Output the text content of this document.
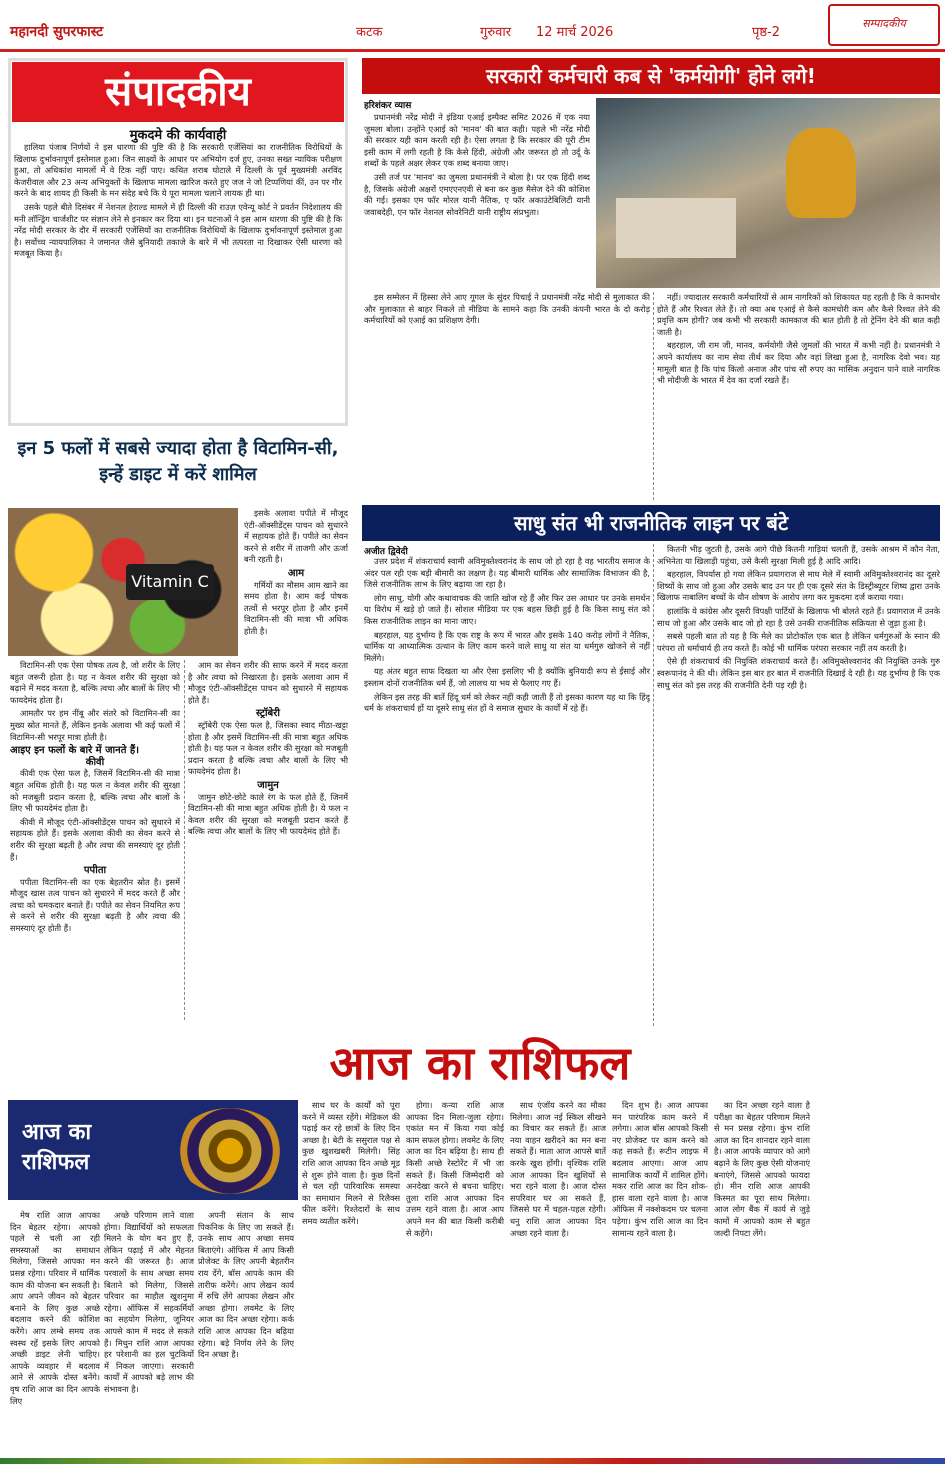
महानदी सुपरफास्ट	कटक	गुरुवार 12 मार्च 2026	पृष्ठ-2
सम्पादकीय
संपादकीय
मुकदमे की कार्यवाही

हालिया पंजाब निर्णयों ने इस धारणा की पुष्टि की है कि सरकारी एजेंसियां का राजनीतिक विरोधियों के खिलाफ दुर्भावनापूर्ण इस्तेमाल हुआ। जिन साक्ष्यों के आधार पर अभियोग दर्ज हुए, उनका सख्त न्यायिक परीक्षण हुआ, तो अधिकांश मामलों में वे टिक नहीं पाए। कथित शराब घोटाले में दिल्ली के पूर्व मुख्यमंत्री अरविंद केजरीवाल और 23 अन्य अभियुक्तों के खिलाफ मामला खारिज करते हुए जज ने जो टिप्पणियां कीं, उन पर गौर करने के बाद शायद ही किसी के मन संदेह बचे कि ये पूरा मामला चलाने लायक ही था।

उसके पहले बीते दिसंबर में नेशनल हेराल्ड मामले में ही दिल्ली की राउज़ एवेन्यू कोर्ट ने प्रवर्तन निदेशालय की मनी लॉन्ड्रिंग चार्जशीट पर संज्ञान लेने से इनकार कर दिया था। इन घटनाओं ने इस आम धारणा की पुष्टि की है कि नरेंद्र मोदी सरकार के दौर में सरकारी एजेंसियों का राजनीतिक विरोधियों के खिलाफ दुर्भावनापूर्ण इस्तेमाल हुआ है। सर्वोच्च न्यायपालिका ने जमानत जैसे बुनियादी तकाजे के बारे में भी तत्परता ना दिखाकर ऐसी धारणा को मजबूत किया है।

सरकारी कर्मचारी कब से 'कर्मयोगी' होने लगे!
हरिशंकर व्यास

प्रधानमंत्री नरेंद्र मोदी ने इंडिया एआई इम्पैक्ट समिट 2026 में एक नया जुमला बोला। उन्होंने एआई को 'मानव' की बात कही। पहले भी नरेंद्र मोदी की सरकार यही काम करती रही है। ऐसा लगता है कि सरकार की पूरी टीम इसी काम में लगी रहती है कि केसे हिंदी, अंग्रेजी और जरूरत हो तो उर्दू के शब्दों के पहले अक्षर लेकर एक शब्द बनाया जाए।

उसी तर्ज पर 'मानव' का जुमला प्रधानमंत्री ने बोला है। पर एक हिंदी शब्द है, जिसके अंग्रेजी अक्षरों एमएएनएवी से बना कर कुछ मैसेज देने की कोशिश की गई। इसका एम फॉर मोरल यानी नैतिक, ए फॉर अकाउंटेबिलिटी यानी जवाबदेही, एन फॉर नेशनल सोवरेनिटी यानी राष्ट्रीय संप्रभुता।

इस सम्मेलन में हिस्सा लेने आए गूगल के सुंदर पिचाई ने प्रधानमंत्री नरेंद्र मोदी से मुलाकात की और मुलाकात से बाहर निकले तो मीडिया के सामने कहा कि उनकी कंपनी भारत के दो करोड़ कर्मचारियों को एआई का प्रशिक्षण देगी।

नहीं। ज्यादातर सरकारी कर्मचारियों से आम नागरिकों को शिकायत यह रहती है कि वे कामचोर होते हैं और रिश्वत लेते हैं। तो क्या अब एआई से कैसे कामचोरी कम और कैसे रिश्वत लेने की प्रवृत्ति कम होगी? जब कभी भी सरकारी कामकाज की बात होती है तो ट्रेनिंग देने की बात कही जाती है।

बहरहाल, जी राम जी, मानव, कर्मयोगी जैसे जुमलों की भारत में कभी नहीं है। प्रधानमंत्री ने अपने कार्यालय का नाम सेवा तीर्थ कर दिया और वहां लिखा हुआ है, नागरिक देवो भव। यह मामूली बात है कि पांच किलो अनाज और पांच सौ रुपए का मासिक अनुदान पाने वाले नागरिक भी मोदीजी के भारत में देव का दर्जा रखते हैं।

इन 5 फलों में सबसे ज्यादा होता है विटामिन-सी, इन्हें डाइट में करें शामिल
Vitamin C

इसके अलावा पपीते में मौजूद एंटी-ऑक्सीडेंट्स पाचन को सुधारने में सहायक होते हैं। पपीते का सेवन करने से शरीर में ताजगी और ऊर्जा बनी रहती है।

आम

गर्मियों का मौसम आम खाने का समय होता है। आम कई पोषक तत्वों से भरपूर होता है और इनमें विटामिन-सी की मात्रा भी अधिक होती है।

विटामिन-सी एक ऐसा पोषक तत्व है, जो शरीर के लिए बहुत जरूरी होता है। यह न केवल शरीर की सुरक्षा को बढ़ाने में मदद करता है, बल्कि त्वचा और बालों के लिए भी फायदेमंद होता है।

आमतौर पर हम नींबू और संतरे को विटामिन-सी का मुख्य स्रोत मानते हैं, लेकिन इनके अलावा भी कई फलों में विटामिन-सी भरपूर मात्रा होती है।

आइए इन फलों के बारे में जानते हैं।
कीवी

कीवी एक ऐसा फल है, जिसमें विटामिन-सी की मात्रा बहुत अधिक होती है। यह फल न केवल शरीर की सुरक्षा को मजबूती प्रदान करता है, बल्कि त्वचा और बालों के लिए भी फायदेमंद होता है।

कीवी में मौजूद एंटी-ऑक्सीडेंट्स पाचन को सुधारने में सहायक होते हैं। इसके अलावा कीवी का सेवन करने से शरीर की सुरक्षा बढ़ती है और त्वचा की समस्याएं दूर होती हैं।

पपीता

पपीता विटामिन-सी का एक बेहतरीन स्रोत है। इसमें मौजूद खास तत्व पाचन को सुधारने में मदद करते हैं और त्वचा को चमकदार बनाते हैं। पपीते का सेवन नियमित रूप से करने से शरीर की सुरक्षा बढ़ती है और त्वचा की समस्याएं दूर होती हैं।

आम का सेवन शरीर की साफ करने में मदद करता है और त्वचा को निखारता है। इसके अलावा आम में मौजूद एंटी-ऑक्सीडेंट्स पाचन को सुधारने में सहायक होते हैं।

स्ट्रॉबेरी

स्ट्रॉबेरी एक ऐसा फल है, जिसका स्वाद मीठा-खट्टा होता है और इसमें विटामिन-सी की मात्रा बहुत अधिक होती है। यह फल न केवल शरीर की सुरक्षा को मजबूती प्रदान करता है बल्कि त्वचा और बालों के लिए भी फायदेमंद होता है।

जामुन

जामुन छोटे-छोटे काले रंग के फल होते हैं, जिनमें विटामिन-सी की मात्रा बहुत अधिक होती है। ये फल न केवल शरीर की सुरक्षा को मजबूती प्रदान करते हैं बल्कि त्वचा और बालों के लिए भी फायदेमंद होते हैं।

साधु संत भी राजनीतिक लाइन पर बंटे
अजीत द्विवेदी

उत्तर प्रदेश में शंकराचार्य स्वामी अविमुक्तेश्वरानंद के साथ जो हो रहा है वह भारतीय समाज के अंदर पल रही एक बड़ी बीमारी का लक्षण है। यह बीमारी धार्मिक और सामाजिक विभाजन की है, जिसे राजनीतिक लाभ के लिए बढ़ाया जा रहा है।

लोग साधु, योगी और कथावाचक की जाति खोज रहे हैं और फिर उस आधार पर उनके समर्थन या विरोध में खड़े हो जाते हैं। सोशल मीडिया पर एक बहस छिड़ी हुई है कि किस साधु संत को किस राजनीतिक लाइन का माना जाए।

बहरहाल, यह दुर्भाग्य है कि एक राष्ट्र के रूप में भारत और इसके 140 करोड़ लोगों ने नैतिक, धार्मिक या आध्यात्मिक उत्थान के लिए काम करने वाले साधु या संत या धर्मगुरु खोजने से नहीं मिलेंगे।

यह अंतर बहुत साफ दिखता था और ऐसा इसलिए भी है क्योंकि बुनियादी रूप से ईसाई और इस्लाम दोनों राजनीतिक धर्म हैं, जो लालच या भय से फैलाए गए हैं।

लेकिन इस तरह की बातें हिंदू धर्म को लेकर नहीं कही जाती हैं तो इसका कारण यह था कि हिंदू धर्म के शंकराचार्य हों या दूसरे साधु संत हों वे समाज सुधार के कार्यों में रहे हैं।

कितनी भीड़ जुटती है, उसके आगे पीछे कितनी गाड़ियां चलती हैं, उसके आश्रम में कौन नेता, अभिनेता या खिलाड़ी पहुंचा, उसे कैसी सुरक्षा मिली हुई है आदि आदि।

बहरहाल, विपर्यास हो गया लेकिन प्रयागराज से माघ मेले में स्वामी अविमुक्तेश्वरानंद का दूसरे शिष्यों के साथ जो हुआ और उसके बाद उन पर ही एक दूसरे संत के डिस्ट्रीब्यूटर शिष्य द्वारा उनके खिलाफ नाबालिग बच्चों के यौन शोषण के आरोप लगा कर मुकदमा दर्ज कराया गया।

हालांकि ये कांग्रेस और दूसरी विपक्षी पार्टियों के खिलाफ भी बोलते रहते हैं। प्रयागराज में उनके साथ जो हुआ और उसके बाद जो हो रहा है उसे उनकी राजनीतिक सक्रियता से जुड़ा हुआ है।

सबसे पहली बात तो यह है कि मेले का प्रोटोकॉल एक बात है लेकिन धर्मगुरुओं के स्नान की परंपरा तो धर्माचार्य ही तय करते हैं। कोई भी धार्मिक परंपरा सरकार नहीं तय करती है।

ऐसे ही शंकराचार्य की नियुक्ति शंकराचार्य करते हैं। अविमुक्तेश्वरानंद की नियुक्ति उनके गुरु स्वरूपानंद ने की थी। लेकिन इस बार हर बात में राजनीति दिखाई दे रही है। यह दुर्भाग्य है कि एक साधु संत को इस तरह की राजनीति देनी पड़ रही है।

आज का राशिफल
आज का
राशिफल

मेष राशि आज आपका दिन बेहतर रहेगा। आपको पहले से चली आ रही समस्याओं का समाधान मिलेगा, जिससे आपका मन प्रसन्न रहेगा। परिवार में धार्मिक काम की योजना बन सकती है। आप अपने जीवन को बेहतर बनाने के लिए कुछ अच्छे बदलाव करने की कोशिश करेंगे। आप लम्बे समय तक स्वस्थ रहें इसके लिए आपको अच्छी डाइट लेनी चाहिए। आपके व्यवहार में बदलाव आने से आपके दोस्त बनेंगे। वृष राशि आज का दिन आपके लिए

अच्छे परिणाम लाने वाला होगा। विद्यार्थियों को सफलता मिलने के योग बन हुए हैं, लेकिन पढ़ाई में और मेहनत करने की जरूरत है। आज परवालों के साथ अच्छा समय बिताने को मिलेगा, जिससे परिवार का माहौल खुशनुमा रहेगा। ऑफिस में सहकर्मियों का सहयोग मिलेगा, जूनियर आपसे काम में मदद ले सकते हैं। मिथुन राशि आज आपका हर परेशानी का हल चुटकियों में निकल जाएगा। सरकारी कार्यों में आपको बड़े लाभ की संभावना है।

अपनी संतान के साथ पिकनिक के लिए जा सकते हैं। उनके साथ आप अच्छा समय बिताएंगे। ऑफिस में आप किसी प्रोजेक्ट के लिए अपनी बेहतरीन राय देंगे, बॉस आपके काम की तारीफ करेंगे। आप लेखन कार्य में रुचि लेंगे आपका लेखन और अच्छा होगा। लवमेट के लिए आज का दिन अच्छा रहेगा। कर्क राशि आज आपका दिन बढ़िया रहेगा। बड़े निर्णय लेने के लिए दिन अच्छा है।

साथ घर के कार्यों को पूरा करने में व्यस्त रहेंगे। मेडिकल की पढ़ाई कर रहे छात्रों के लिए दिन अच्छा है। बेटी के ससुराल पक्ष से कुछ खुशखबरी मिलेगी। सिंह राशि आज आपका दिन अच्छे मूड से शुरू होने वाला है। कुछ दिनों से चल रही पारिवारिक समस्या का समाधान मिलने से रिलैक्स फील करेंगे। रिश्तेदारों के साथ समय व्यतीत करेंगे।

होगा। कन्या राशि आज आपका दिन मिला-जुला रहेगा। एकांत मन में किया गया कोई काम सफल होगा। लवमेट के लिए आज का दिन बढ़िया है। साथ ही किसी अच्छे रेस्टोरेंट में भी जा सकते हैं। किसी जिम्मेदारी को अनदेखा करने से बचना चाहिए। तुला राशि आज आपका दिन उत्तम रहने वाला है। आज आप अपने मन की बात किसी करीबी से कहेंगे।

साथ एंजॉय करने का मौका मिलेगा। आज नई स्किल सीखने का विचार कर सकते हैं। आज नया वाहन खरीदने का मन बना सकते हैं। माता आज आपसे बातें करके खुश होंगी। वृश्चिक राशि आज आपका दिन खुशियों से भरा रहने वाला है। आज दोस्त सपरिवार घर आ सकते हैं, जिससे घर में चहल-पहल रहेगी। धनु राशि आज आपका दिन अच्छा रहने वाला है।

दिन शुभ है। आज आपका मन पारंपरिक काम करने में लगेगा। आज बॉस आपको किसी नए प्रोजेक्ट पर काम करने को कह सकते हैं। रूटीन लाइफ में बदलाव आएगा। आज आप सामाजिक कार्यों में शामिल होंगे। मकर राशि आज का दिन शोक-हास वाला रहने वाला है। आज ऑफिस में नक्शेकदम पर चलना पड़ेगा। कुंभ राशि आज का दिन सामान्य रहने वाला है।

का दिन अच्छा रहने वाला है परीक्षा का बेहतर परिणाम मिलने से मन प्रसन्न रहेगा। कुंभ राशि आज का दिन शानदार रहने वाला है। आज आपके व्यापार को आगे बढ़ाने के लिए कुछ ऐसी योजनाएं बनाएंगे, जिससे आपको फायदा हो। मीन राशि आज आपकी किस्मत का पूरा साथ मिलेगा। आज लोग बैंक में कार्य से जुड़े कामों में आपको काम से बहुत जल्दी निपटा लेंगे।
